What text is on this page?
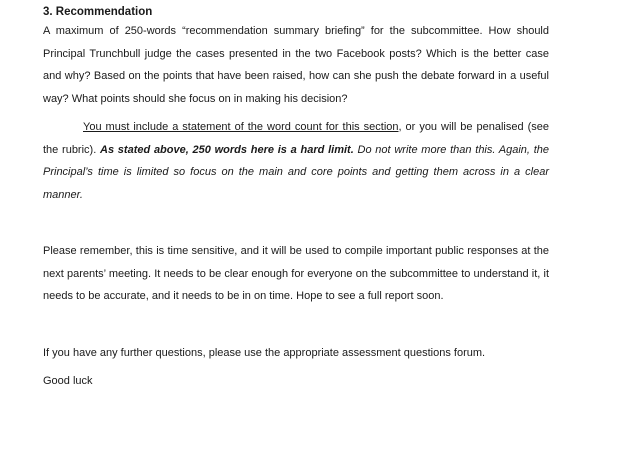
3. Recommendation

A maximum of 250-words “recommendation summary briefing” for the subcommittee. How should Principal Trunchbull judge the cases presented in the two Facebook posts? Which is the better case and why? Based on the points that have been raised, how can she push the debate forward in a useful way? What points should she focus on in making his decision?

You must include a statement of the word count for this section, or you will be penalised (see the rubric). As stated above, 250 words here is a hard limit. Do not write more than this. Again, the Principal’s time is limited so focus on the main and core points and getting them across in a clear manner.

Please remember, this is time sensitive, and it will be used to compile important public responses at the next parents’ meeting. It needs to be clear enough for everyone on the subcommittee to understand it, it needs to be accurate, and it needs to be in on time. Hope to see a full report soon.

If you have any further questions, please use the appropriate assessment questions forum.

Good luck
